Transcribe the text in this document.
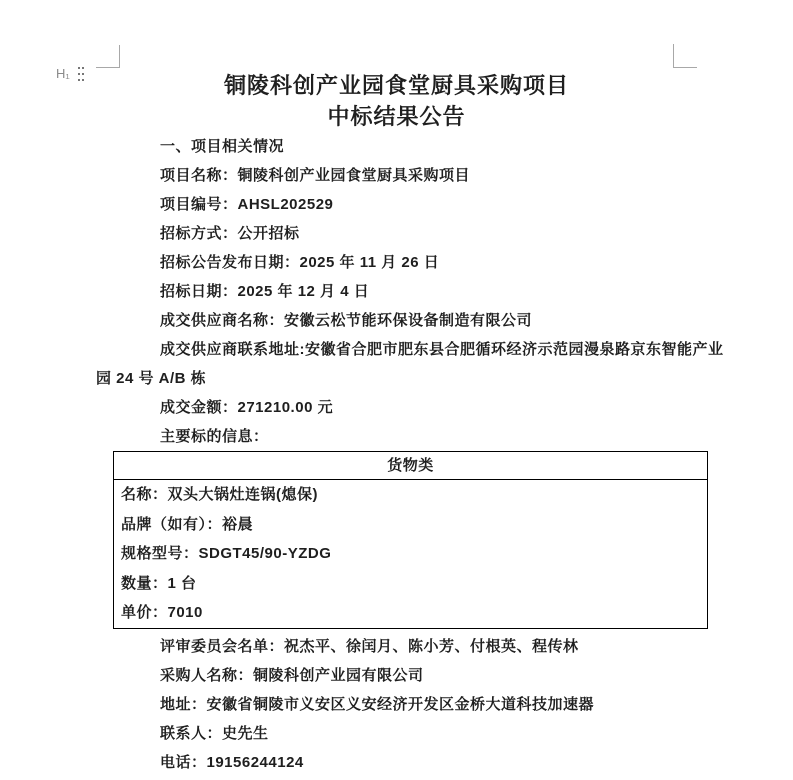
H₁	铜陵科创产业园食堂厨具采购项目
中标结果公告
一、项目相关情况
项目名称：铜陵科创产业园食堂厨具采购项目
项目编号：AHSL202529
招标方式：公开招标
招标公告发布日期：2025 年 11 月 26 日
招标日期：2025 年 12 月 4 日
成交供应商名称：安徽云松节能环保设备制造有限公司
成交供应商联系地址:安徽省合肥市肥东县合肥循环经济示范园漫泉路京东智能产业
园 24 号 A/B 栋
成交金额：271210.00 元
主要标的信息：
货物类
名称：双头大锅灶连锅(熄保)
品牌（如有）：裕晨
规格型号：SDGT45/90-YZDG
数量：1 台
单价：7010
评审委员会名单：祝杰平、徐闰月、陈小芳、付根英、程传林
采购人名称：铜陵科创产业园有限公司
地址：安徽省铜陵市义安区义安经济开发区金桥大道科技加速器
联系人：史先生
电话：19156244124
